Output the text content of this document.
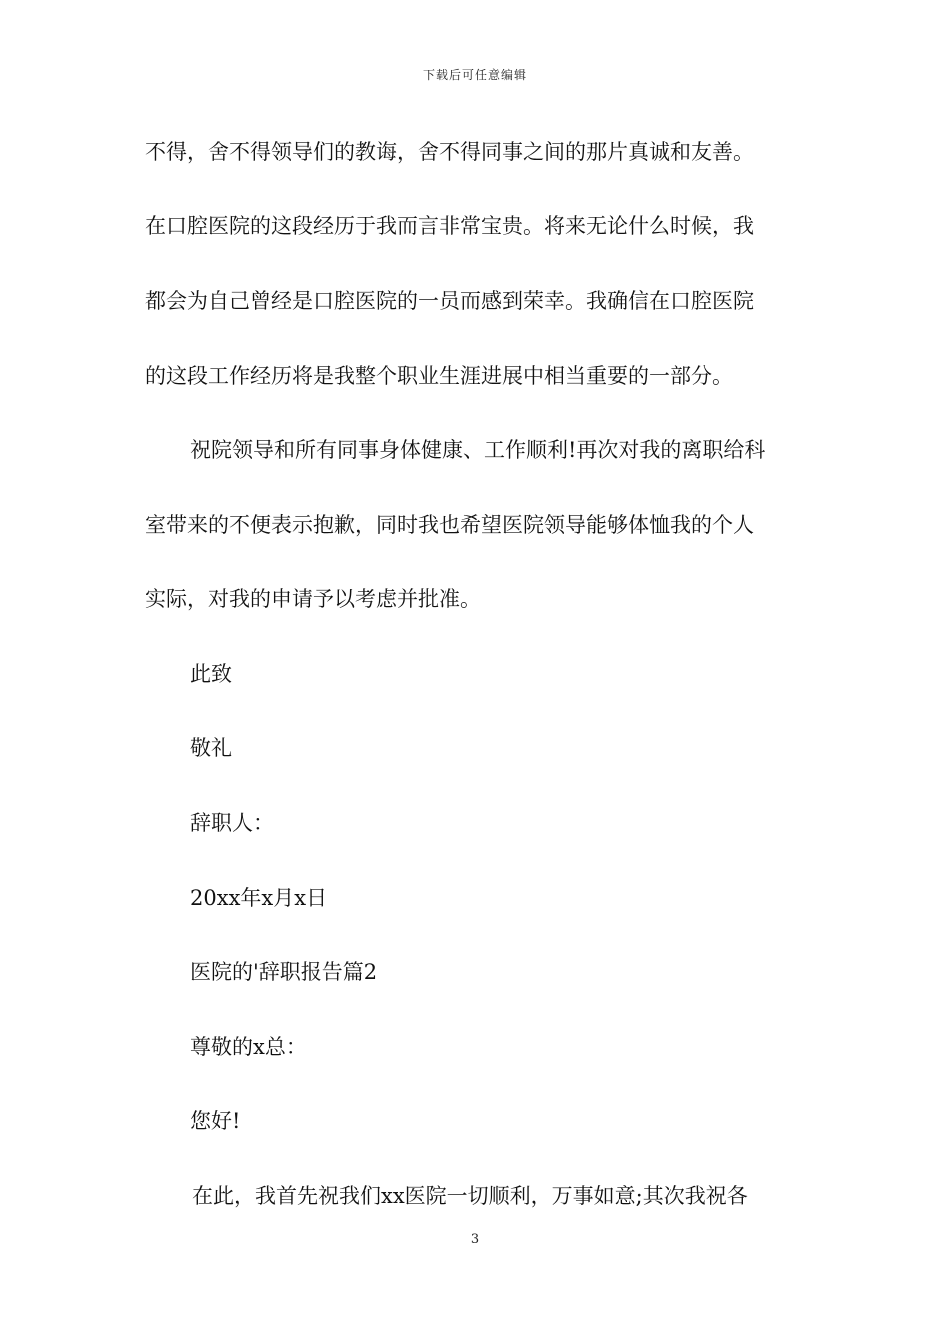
下载后可任意编辑
不得，舍不得领导们的教诲，舍不得同事之间的那片真诚和友善。
在口腔医院的这段经历于我而言非常宝贵。将来无论什么时候，我
都会为自己曾经是口腔医院的一员而感到荣幸。我确信在口腔医院
的这段工作经历将是我整个职业生涯进展中相当重要的一部分。
祝院领导和所有同事身体健康、工作顺利!再次对我的离职给科
室带来的不便表示抱歉，同时我也希望医院领导能够体恤我的个人
实际，对我的申请予以考虑并批准。
此致
敬礼
辞职人：
20xx年x月x日
医院的'辞职报告篇2
尊敬的x总：
您好!
在此，我首先祝我们xx医院一切顺利，万事如意;其次我祝各
3
